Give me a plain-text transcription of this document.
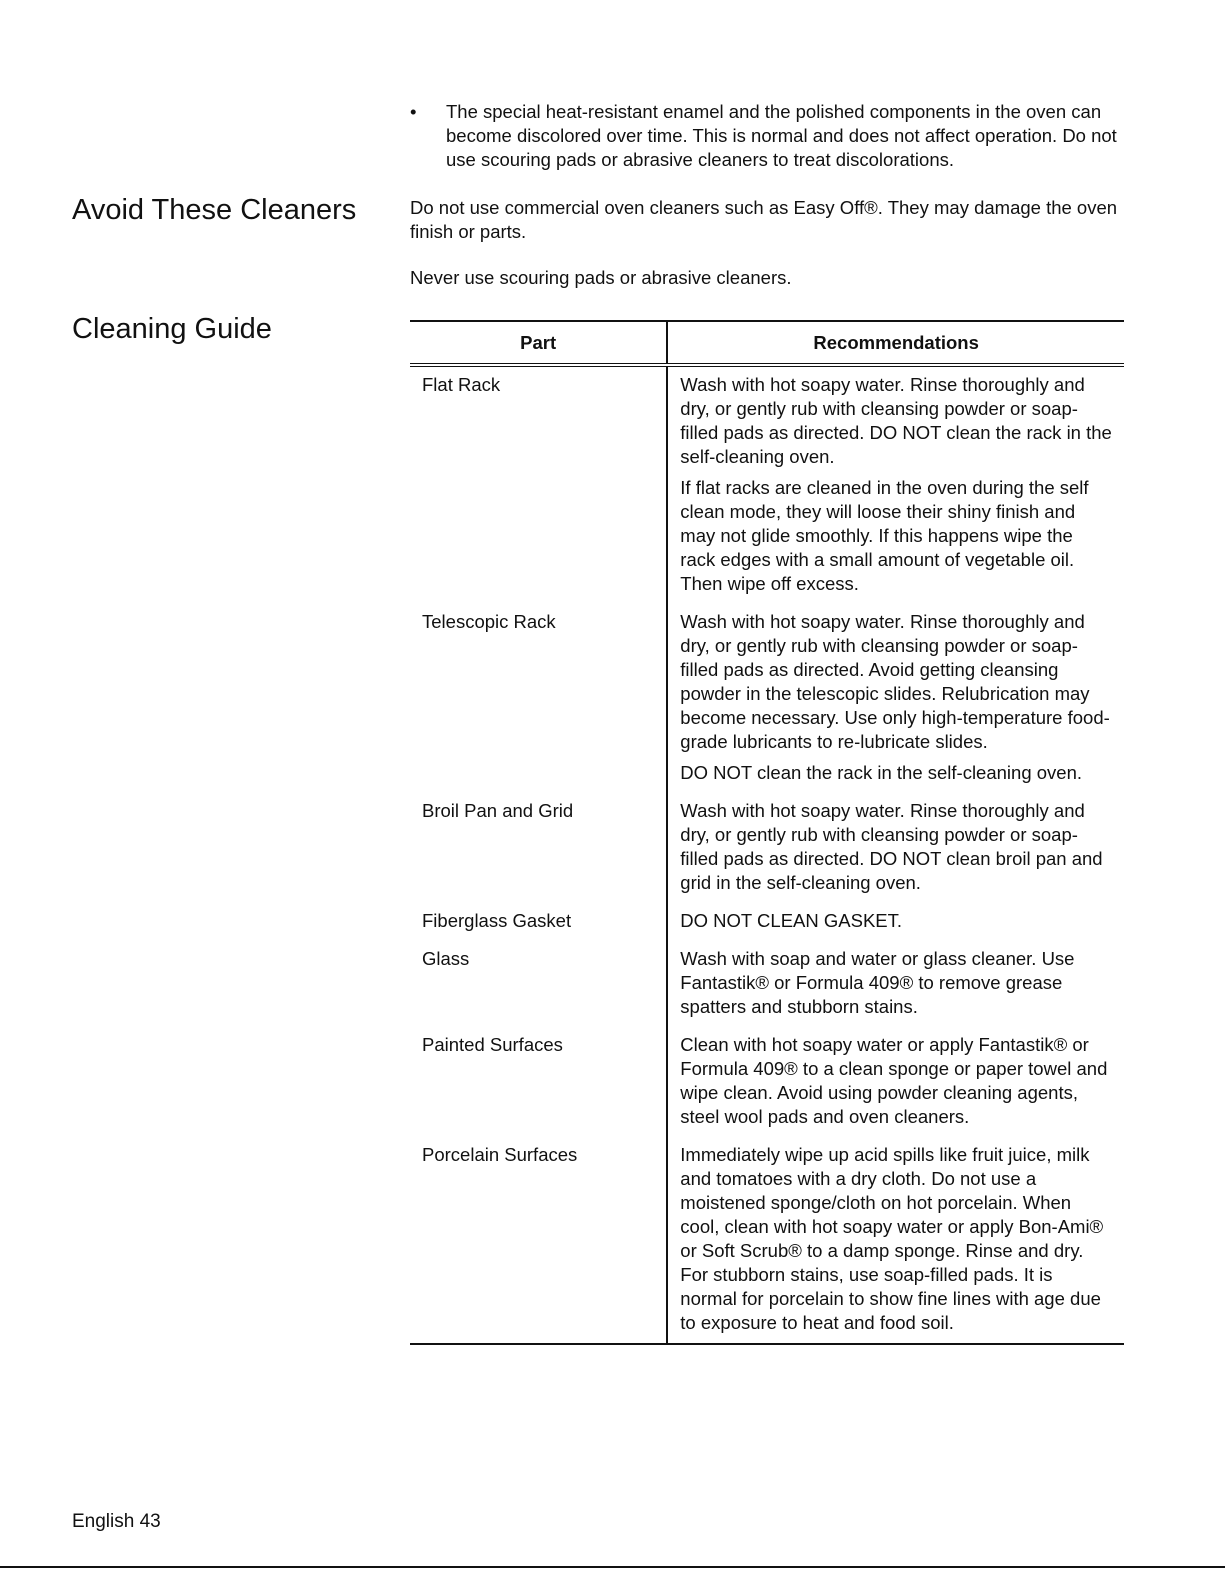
•	The special heat-resistant enamel and the polished components in the oven can become discolored over time. This is normal and does not affect operation. Do not use scouring pads or abrasive cleaners to treat discolorations.
Avoid These Cleaners	Do not use commercial oven cleaners such as Easy Off®. They may damage the oven finish or parts.

Never use scouring pads or abrasive cleaners.

Cleaning Guide	Part	Recommendations
Flat Rack	Wash with hot soapy water. Rinse thoroughly and dry, or gently rub with cleansing powder or soap-filled pads as directed. DO NOT clean the rack in the self-cleaning oven.

If flat racks are cleaned in the oven during the self clean mode, they will loose their shiny finish and may not glide smoothly. If this happens wipe the rack edges with a small amount of vegetable oil. Then wipe off excess.

Telescopic Rack	Wash with hot soapy water. Rinse thoroughly and dry, or gently rub with cleansing powder or soap-filled pads as directed. Avoid getting cleansing powder in the telescopic slides. Relubrication may become necessary. Use only high-temperature food-grade lubricants to re-lubricate slides.

DO NOT clean the rack in the self-cleaning oven.

Broil Pan and Grid	Wash with hot soapy water. Rinse thoroughly and dry, or gently rub with cleansing powder or soap-filled pads as directed. DO NOT clean broil pan and grid in the self-cleaning oven.

Fiberglass Gasket	DO NOT CLEAN GASKET.

Glass	Wash with soap and water or glass cleaner. Use Fantastik® or Formula 409® to remove grease spatters and stubborn stains.

Painted Surfaces	Clean with hot soapy water or apply Fantastik® or Formula 409® to a clean sponge or paper towel and wipe clean. Avoid using powder cleaning agents, steel wool pads and oven cleaners.

Porcelain Surfaces	Immediately wipe up acid spills like fruit juice, milk and tomatoes with a dry cloth. Do not use a moistened sponge/cloth on hot porcelain. When cool, clean with hot soapy water or apply Bon-Ami® or Soft Scrub® to a damp sponge. Rinse and dry. For stubborn stains, use soap-filled pads. It is normal for porcelain to show fine lines with age due to exposure to heat and food soil.

English 43
